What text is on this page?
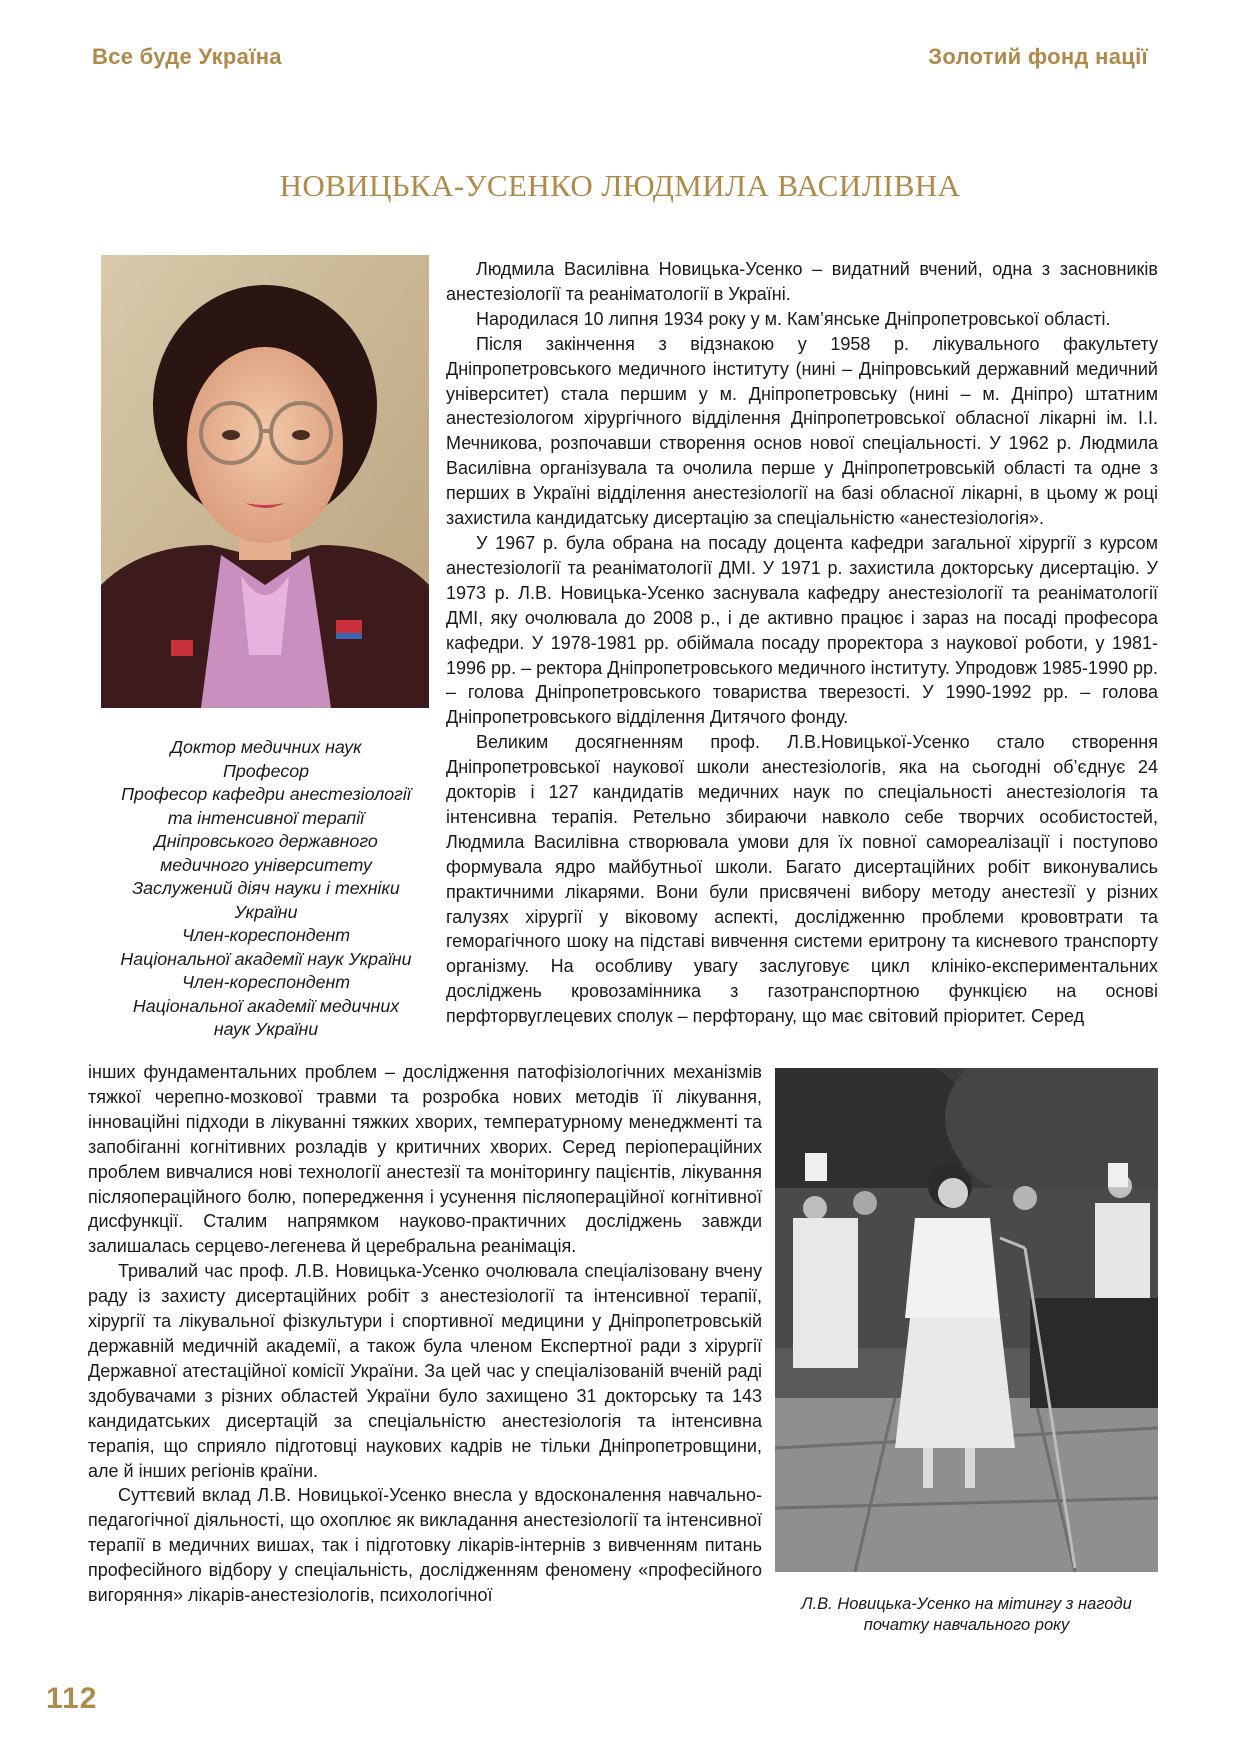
Все буде Україна	Золотий фонд нації
НОВИЦЬКА-УСЕНКО ЛЮДМИЛА ВАСИЛІВНА
Доктор медичних наук
Професор
Професор кафедри анестезіології
та інтенсивної терапії
Дніпровського державного
медичного університету
Заслужений діяч науки і техніки
України
Член-кореспондент
Національної академії наук України
Член-кореспондент
Національної академії медичних
наук України

Людмила Василівна Новицька-Усенко – видатний вчений, одна з засновників анестезіології та реаніматології в Україні.

Народилася 10 липня 1934 року у м. Кам’янське Дніпропетровської області.

Після закінчення з відзнакою у 1958 р. лікувального факультету Дніпропетровського медичного інституту (нині – Дніпровський державний медичний університет) стала першим у м. Дніпропетровську (нині – м. Дніпро) штатним анестезіологом хірургічного відділення Дніпропетровської обласної лікарні ім. І.І. Мечникова, розпочавши створення основ нової спеціальності. У 1962 р. Людмила Василівна організувала та очолила перше у Дніпропетровській області та одне з перших в Україні відділення анестезіології на базі обласної лікарні, в цьому ж році захистила кандидатську дисертацію за спеціальністю «анестезіологія».

У 1967 р. була обрана на посаду доцента кафедри загальної хірургії з курсом анестезіології та реаніматології ДМІ. У 1971 р. захистила докторську дисертацію. У 1973 р. Л.В. Новицька-Усенко заснувала кафедру анестезіології та реаніматології ДМІ, яку очолювала до 2008 р., і де активно працює і зараз на посаді професора кафедри. У 1978-1981 рр. обіймала посаду проректора з наукової роботи, у 1981-1996 рр. – ректора Дніпропетровського медичного інституту. Упродовж 1985-1990 рр. – голова Дніпропетровського товариства тверезості. У 1990-1992 рр. – голова Дніпропетровського відділення Дитячого фонду.

Великим досягненням проф. Л.В.Новицької-Усенко стало створення Дніпропетровської наукової школи анестезіологів, яка на сьогодні об’єднує 24 докторів і 127 кандидатів медичних наук по спеціальності анестезіологія та інтенсивна терапія. Ретельно збираючи навколо себе творчих особистостей, Людмила Василівна створювала умови для їх повної самореалізації і поступово формувала ядро майбутньої школи. Багато дисертаційних робіт виконувались практичними лікарями. Вони були присвячені вибору методу анестезії у різних галузях хірургії у віковому аспекті, дослідженню проблеми крововтрати та геморагічного шоку на підставі вивчення системи еритрону та кисневого транспорту організму. На особливу увагу заслуговує цикл клініко-експериментальних досліджень кровозамінника з газотранспортною функцією на основі перфторвуглецевих сполук – перфторану, що має світовий пріоритет. Серед

інших фундаментальних проблем – дослідження патофізіологічних механізмів тяжкої черепно-мозкової травми та розробка нових методів її лікування, інноваційні підходи в лікуванні тяжких хворих, температурному менеджменті та запобіганні когнітивних розладів у критичних хворих. Серед періопераційних проблем вивчалися нові технології анестезії та моніторингу пацієнтів, лікування післяопераційного болю, попередження і усунення післяопераційної когнітивної дисфункції. Сталим напрямком науково-практичних досліджень завжди залишалась серцево-легенева й церебральна реанімація.

Тривалий час проф. Л.В. Новицька-Усенко очолювала спеціалізовану вчену раду із захисту дисертаційних робіт з анестезіології та інтенсивної терапії, хірургії та лікувальної фізкультури і спортивної медицини у Дніпропетровській державній медичній академії, а також була членом Експертної ради з хірургії Державної атестаційної комісії України. За цей час у спеціалізованій вченій раді здобувачами з різних областей України було захищено 31 докторську та 143 кандидатських дисертацій за спеціальністю анестезіологія та інтенсивна терапія, що сприяло підготовці наукових кадрів не тільки Дніпропетровщини, але й інших регіонів країни.

Суттєвий вклад Л.В. Новицької-Усенко внесла у вдосконалення навчально-педагогічної діяльності, що охоплює як викладання анестезіології та інтенсивної терапії в медичних вишах, так і підготовку лікарів-інтернів з вивченням питань професійного відбору у спеціальність, дослідженням феномену «професійного вигоряння» лікарів-анестезіологів, психологічної	Л.В. Новицька-Усенко на мітингу з нагоди початку навчального року
112
